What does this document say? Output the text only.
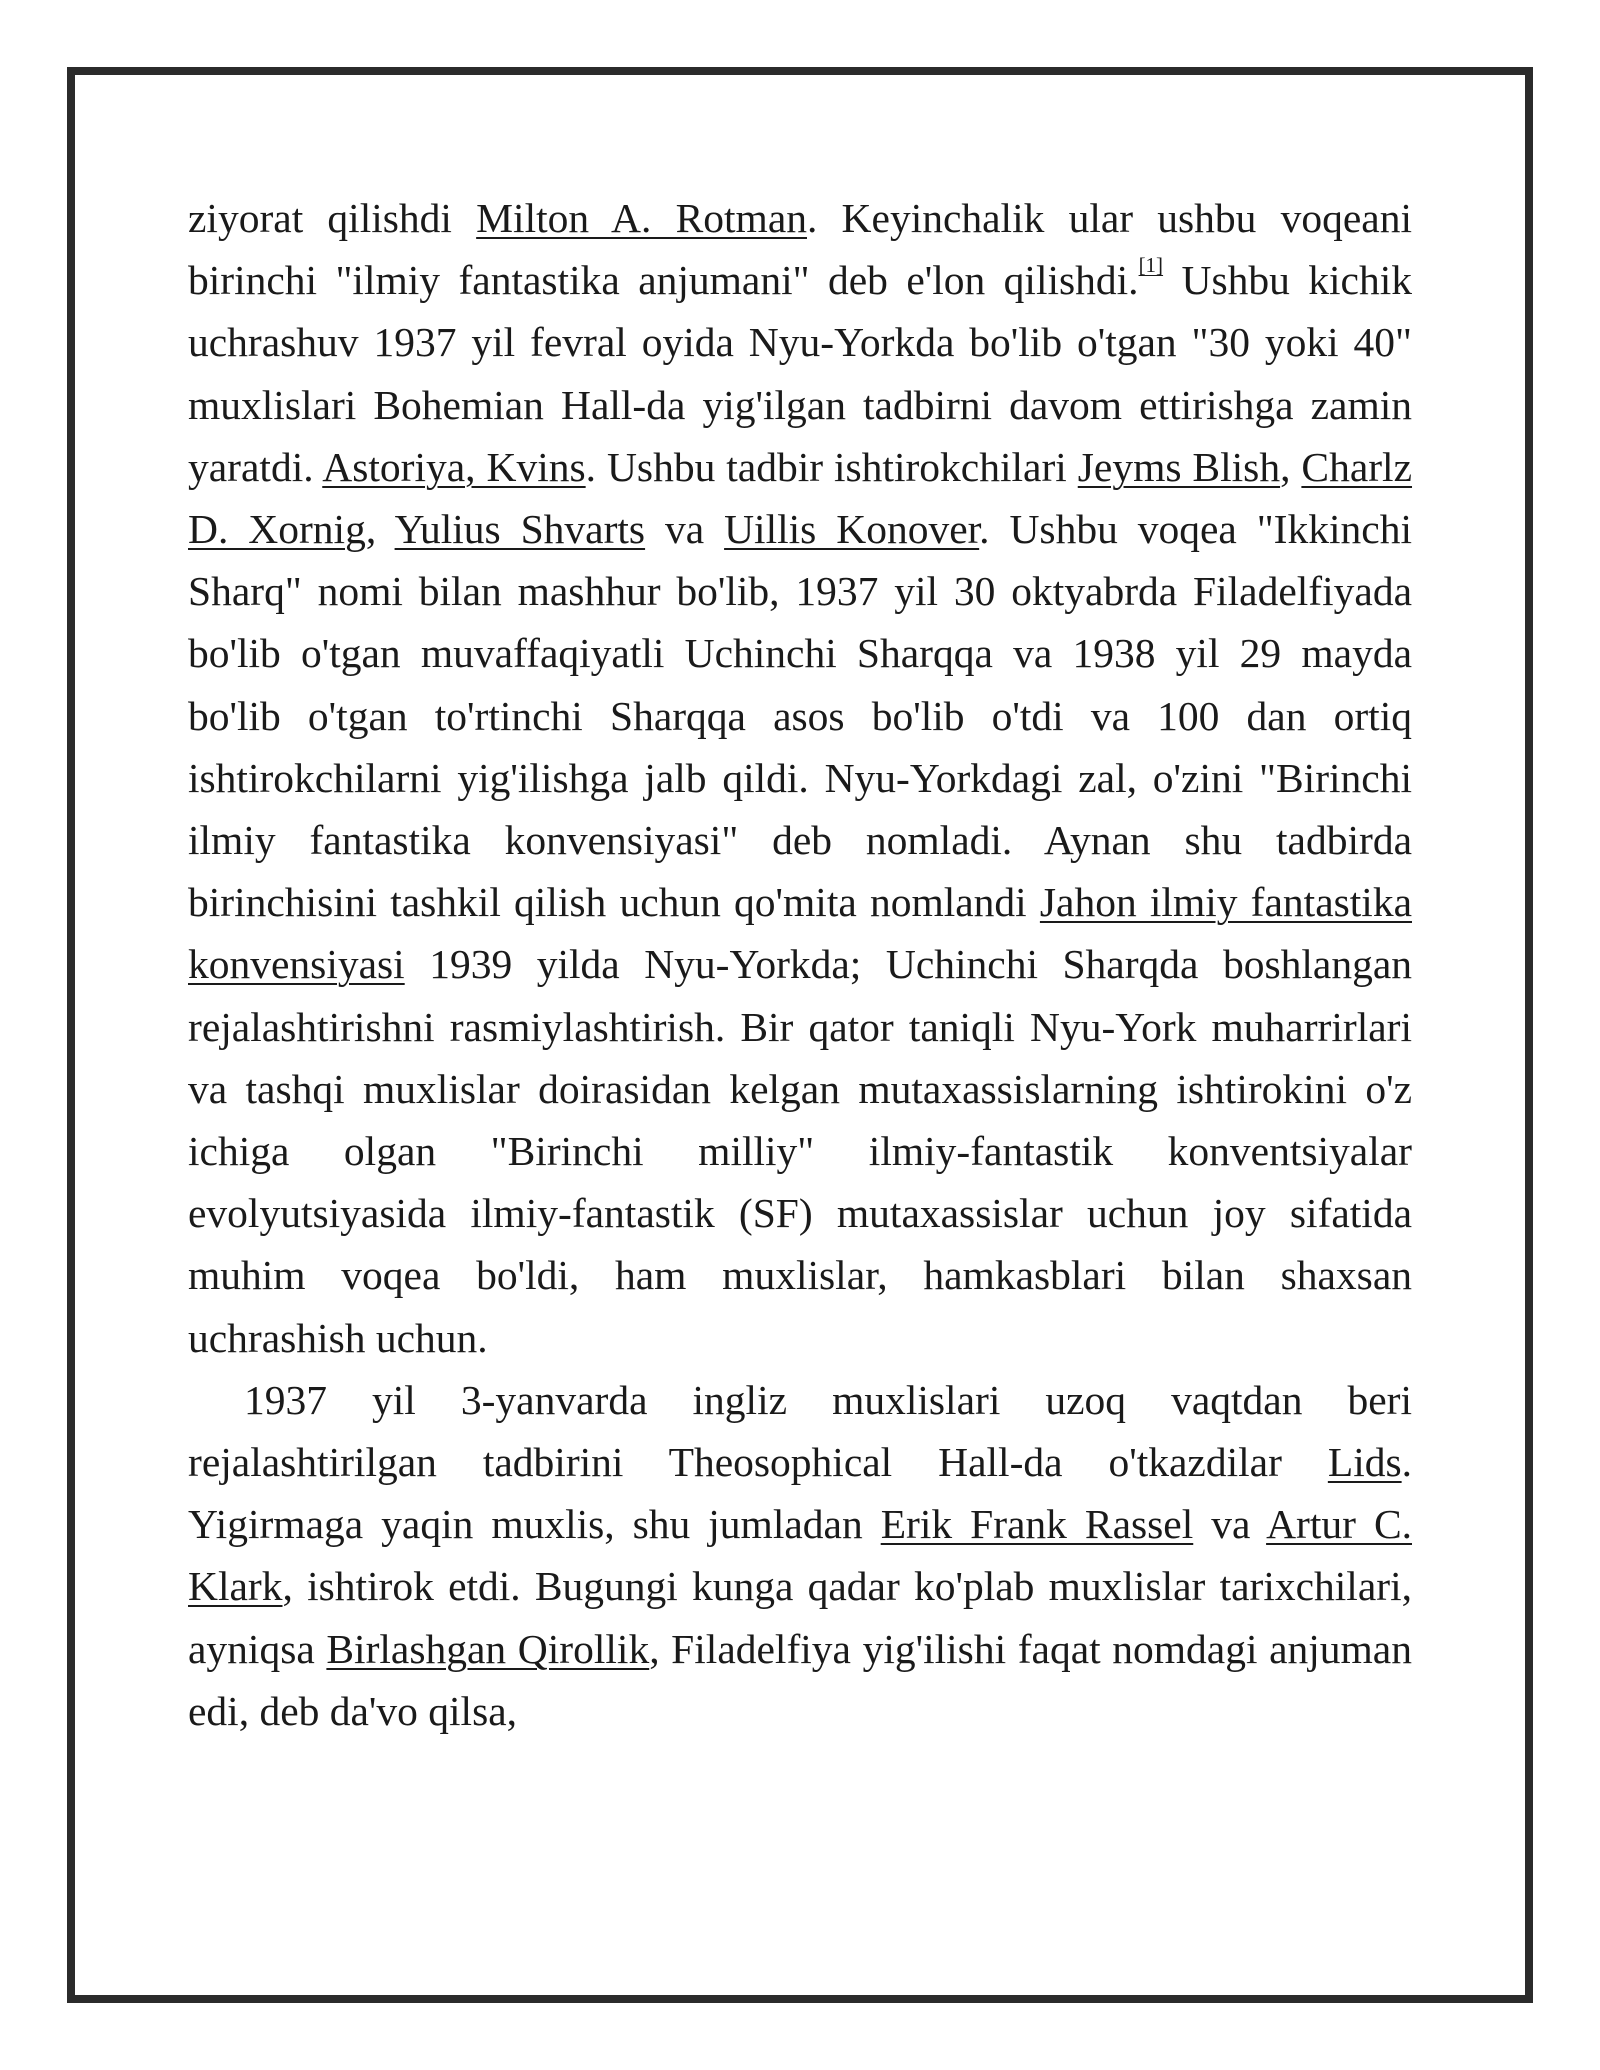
ziyorat qilishdi Milton A. Rotman. Keyinchalik ular ushbu voqeani birinchi "ilmiy fantastika anjumani" deb e'lon qilishdi.[1] Ushbu kichik uchrashuv 1937 yil fevral oyida Nyu-Yorkda bo'lib o'tgan "30 yoki 40" muxlislari Bohemian Hall-da yig'ilgan tadbirni davom ettirishga zamin yaratdi. Astoriya, Kvins. Ushbu tadbir ishtirokchilari Jeyms Blish, Charlz D. Xornig, Yulius Shvarts va Uillis Konover. Ushbu voqea "Ikkinchi Sharq" nomi bilan mashhur bo'lib, 1937 yil 30 oktyabrda Filadelfiyada bo'lib o'tgan muvaffaqiyatli Uchinchi Sharqqa va 1938 yil 29 mayda bo'lib o'tgan to'rtinchi Sharqqa asos bo'lib o'tdi va 100 dan ortiq ishtirokchilarni yig'ilishga jalb qildi. Nyu-Yorkdagi zal, o'zini "Birinchi ilmiy fantastika konvensiyasi" deb nomladi. Aynan shu tadbirda birinchisini tashkil qilish uchun qo'mita nomlandi Jahon ilmiy fantastika konvensiyasi 1939 yilda Nyu-Yorkda; Uchinchi Sharqda boshlangan rejalashtirishni rasmiylashtirish. Bir qator taniqli Nyu-York muharrirlari va tashqi muxlislar doirasidan kelgan mutaxassislarning ishtirokini o'z ichiga olgan "Birinchi milliy" ilmiy-fantastik konventsiyalar evolyutsiyasida ilmiy-fantastik (SF) mutaxassislar uchun joy sifatida muhim voqea bo'ldi, ham muxlislar, hamkasblari bilan shaxsan uchrashish uchun.

1937 yil 3-yanvarda ingliz muxlislari uzoq vaqtdan beri rejalashtirilgan tadbirini Theosophical Hall-da o'tkazdilar Lids. Yigirmaga yaqin muxlis, shu jumladan Erik Frank Rassel va Artur C. Klark, ishtirok etdi. Bugungi kunga qadar ko'plab muxlislar tarixchilari, ayniqsa Birlashgan Qirollik, Filadelfiya yig'ilishi faqat nomdagi anjuman edi, deb da'vo qilsa,
